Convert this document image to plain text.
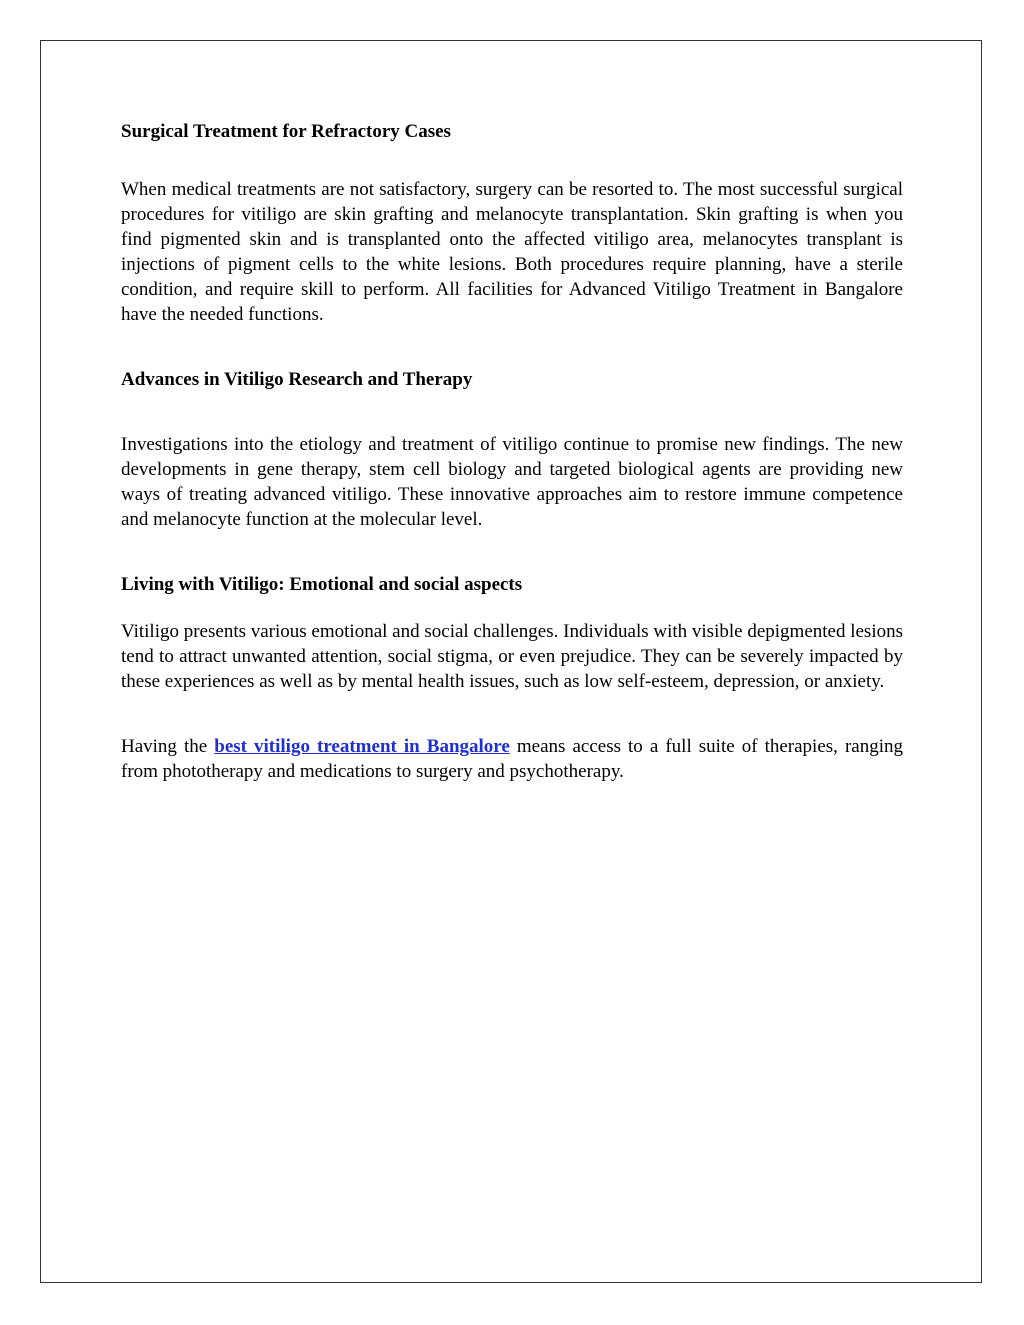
Surgical Treatment for Refractory Cases

When medical treatments are not satisfactory, surgery can be resorted to. The most successful surgical procedures for vitiligo are skin grafting and melanocyte transplantation. Skin grafting is when you find pigmented skin and is transplanted onto the affected vitiligo area, melanocytes transplant is injections of pigment cells to the white lesions. Both procedures require planning, have a sterile condition, and require skill to perform. All facilities for Advanced Vitiligo Treatment in Bangalore have the needed functions.

Advances in Vitiligo Research and Therapy

Investigations into the etiology and treatment of vitiligo continue to promise new findings. The new developments in gene therapy, stem cell biology and targeted biological agents are providing new ways of treating advanced vitiligo. These innovative approaches aim to restore immune competence and melanocyte function at the molecular level.

Living with Vitiligo: Emotional and social aspects

Vitiligo presents various emotional and social challenges. Individuals with visible depigmented lesions tend to attract unwanted attention, social stigma, or even prejudice. They can be severely impacted by these experiences as well as by mental health issues, such as low self-esteem, depression, or anxiety.

Having the best vitiligo treatment in Bangalore means access to a full suite of therapies, ranging from phototherapy and medications to surgery and psychotherapy.
